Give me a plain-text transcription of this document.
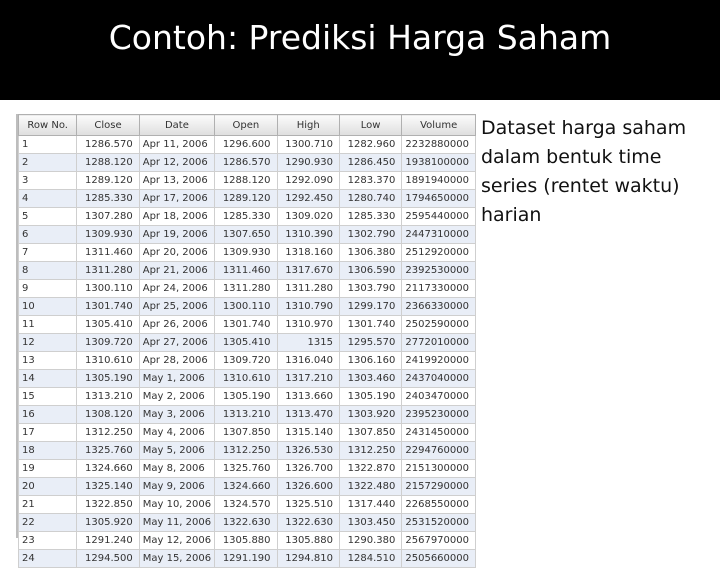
Contoh: Prediksi Harga Saham
Row No.	Close	Date	Open	High	Low	Volume
1	1286.570	Apr 11, 2006	1296.600	1300.710	1282.960	2232880000
2	1288.120	Apr 12, 2006	1286.570	1290.930	1286.450	1938100000
3	1289.120	Apr 13, 2006	1288.120	1292.090	1283.370	1891940000
4	1285.330	Apr 17, 2006	1289.120	1292.450	1280.740	1794650000
5	1307.280	Apr 18, 2006	1285.330	1309.020	1285.330	2595440000
6	1309.930	Apr 19, 2006	1307.650	1310.390	1302.790	2447310000
7	1311.460	Apr 20, 2006	1309.930	1318.160	1306.380	2512920000
8	1311.280	Apr 21, 2006	1311.460	1317.670	1306.590	2392530000
9	1300.110	Apr 24, 2006	1311.280	1311.280	1303.790	2117330000
10	1301.740	Apr 25, 2006	1300.110	1310.790	1299.170	2366330000
11	1305.410	Apr 26, 2006	1301.740	1310.970	1301.740	2502590000
12	1309.720	Apr 27, 2006	1305.410	1315	1295.570	2772010000
13	1310.610	Apr 28, 2006	1309.720	1316.040	1306.160	2419920000
14	1305.190	May 1, 2006	1310.610	1317.210	1303.460	2437040000
15	1313.210	May 2, 2006	1305.190	1313.660	1305.190	2403470000
16	1308.120	May 3, 2006	1313.210	1313.470	1303.920	2395230000
17	1312.250	May 4, 2006	1307.850	1315.140	1307.850	2431450000
18	1325.760	May 5, 2006	1312.250	1326.530	1312.250	2294760000
19	1324.660	May 8, 2006	1325.760	1326.700	1322.870	2151300000
20	1325.140	May 9, 2006	1324.660	1326.600	1322.480	2157290000
21	1322.850	May 10, 2006	1324.570	1325.510	1317.440	2268550000
22	1305.920	May 11, 2006	1322.630	1322.630	1303.450	2531520000
23	1291.240	May 12, 2006	1305.880	1305.880	1290.380	2567970000
24	1294.500	May 15, 2006	1291.190	1294.810	1284.510	2505660000
Dataset harga saham dalam bentuk time series (rentet waktu) harian
